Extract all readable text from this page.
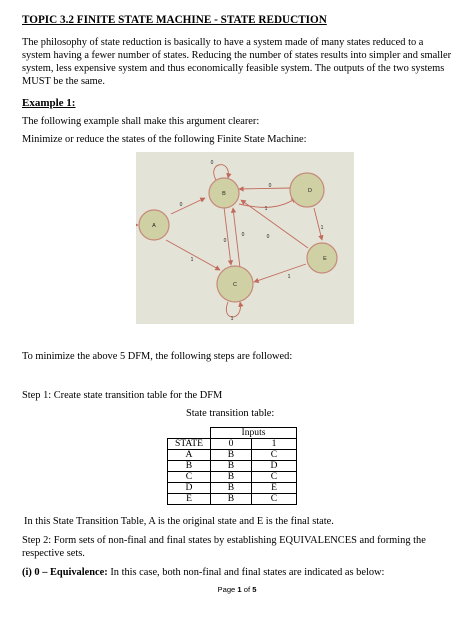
TOPIC 3.2 FINITE STATE MACHINE - STATE REDUCTION
The philosophy of state reduction is basically to have a system made of many states reduced to a system having a fewer number of states. Reducing the number of states results into simpler and smaller system, less expensive system and thus economically feasible system. The outputs of the two systems MUST be the same.
Example 1:
The following example shall make this argument clearer:
Minimize or reduce the states of the following Finite State Machine:
A
B
C
D
E
0
1
0
0
1
1
0
0
1
0
1
To minimize the above 5 DFM, the following steps are followed:
Step 1: Create state transition table for the DFM
State transition table:
	Inputs	
STATE	0	1
A	B	C
B	B	D
C	B	C
D	B	E
E	B	C
In this State Transition Table, A is the original state and E is the final state.
Step 2: Form sets of non-final and final states by establishing EQUIVALENCES and forming the respective sets.
(i) 0 – Equivalence: In this case, both non-final and final states are indicated as below:
Page 1 of 5
